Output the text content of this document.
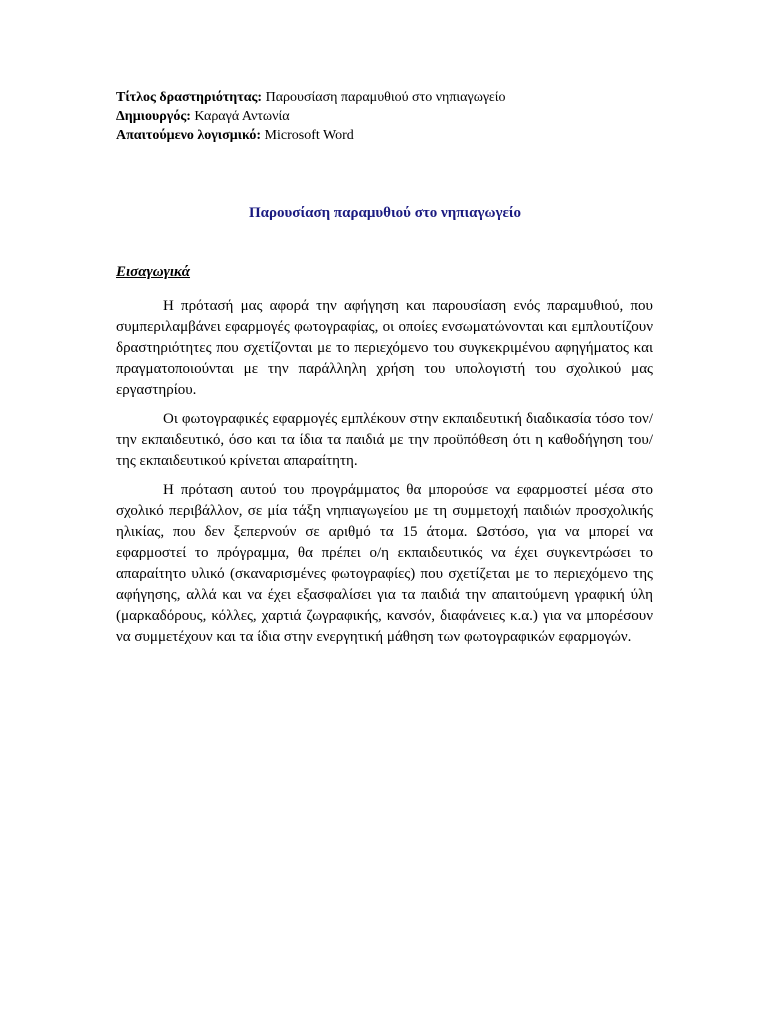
Τίτλος δραστηριότητας: Παρουσίαση παραμυθιού στο νηπιαγωγείο
Δημιουργός: Καραγά Αντωνία
Απαιτούμενο λογισμικό: Microsoft Word
Παρουσίαση παραμυθιού στο νηπιαγωγείο
Εισαγωγικά

Η πρότασή μας αφορά την αφήγηση και παρουσίαση ενός παραμυθιού, που συμπεριλαμβάνει εφαρμογές φωτογραφίας, οι οποίες ενσωματώνονται και εμπλουτίζουν δραστηριότητες που σχετίζονται με το περιεχόμενο του συγκεκριμένου αφηγήματος και πραγματοποιούνται με την παράλληλη χρήση του υπολογιστή του σχολικού μας εργαστηρίου.

Οι φωτογραφικές εφαρμογές εμπλέκουν στην εκπαιδευτική διαδικασία τόσο τον/την εκπαιδευτικό, όσο και τα ίδια τα παιδιά με την προϋπόθεση ότι η καθοδήγηση του/της εκπαιδευτικού κρίνεται απαραίτητη.

Η πρόταση αυτού του προγράμματος θα μπορούσε να εφαρμοστεί μέσα στο σχολικό περιβάλλον, σε μία τάξη νηπιαγωγείου με τη συμμετοχή παιδιών προσχολικής ηλικίας, που δεν ξεπερνούν σε αριθμό τα 15 άτομα. Ωστόσο, για να μπορεί να εφαρμοστεί το πρόγραμμα, θα πρέπει ο/η εκπαιδευτικός να έχει συγκεντρώσει το απαραίτητο υλικό (σκαναρισμένες φωτογραφίες) που σχετίζεται με το περιεχόμενο της αφήγησης, αλλά και να έχει εξασφαλίσει για τα παιδιά την απαιτούμενη γραφική ύλη (μαρκαδόρους, κόλλες, χαρτιά ζωγραφικής, κανσόν, διαφάνειες κ.α.) για να μπορέσουν να συμμετέχουν και τα ίδια στην ενεργητική μάθηση των φωτογραφικών εφαρμογών.
